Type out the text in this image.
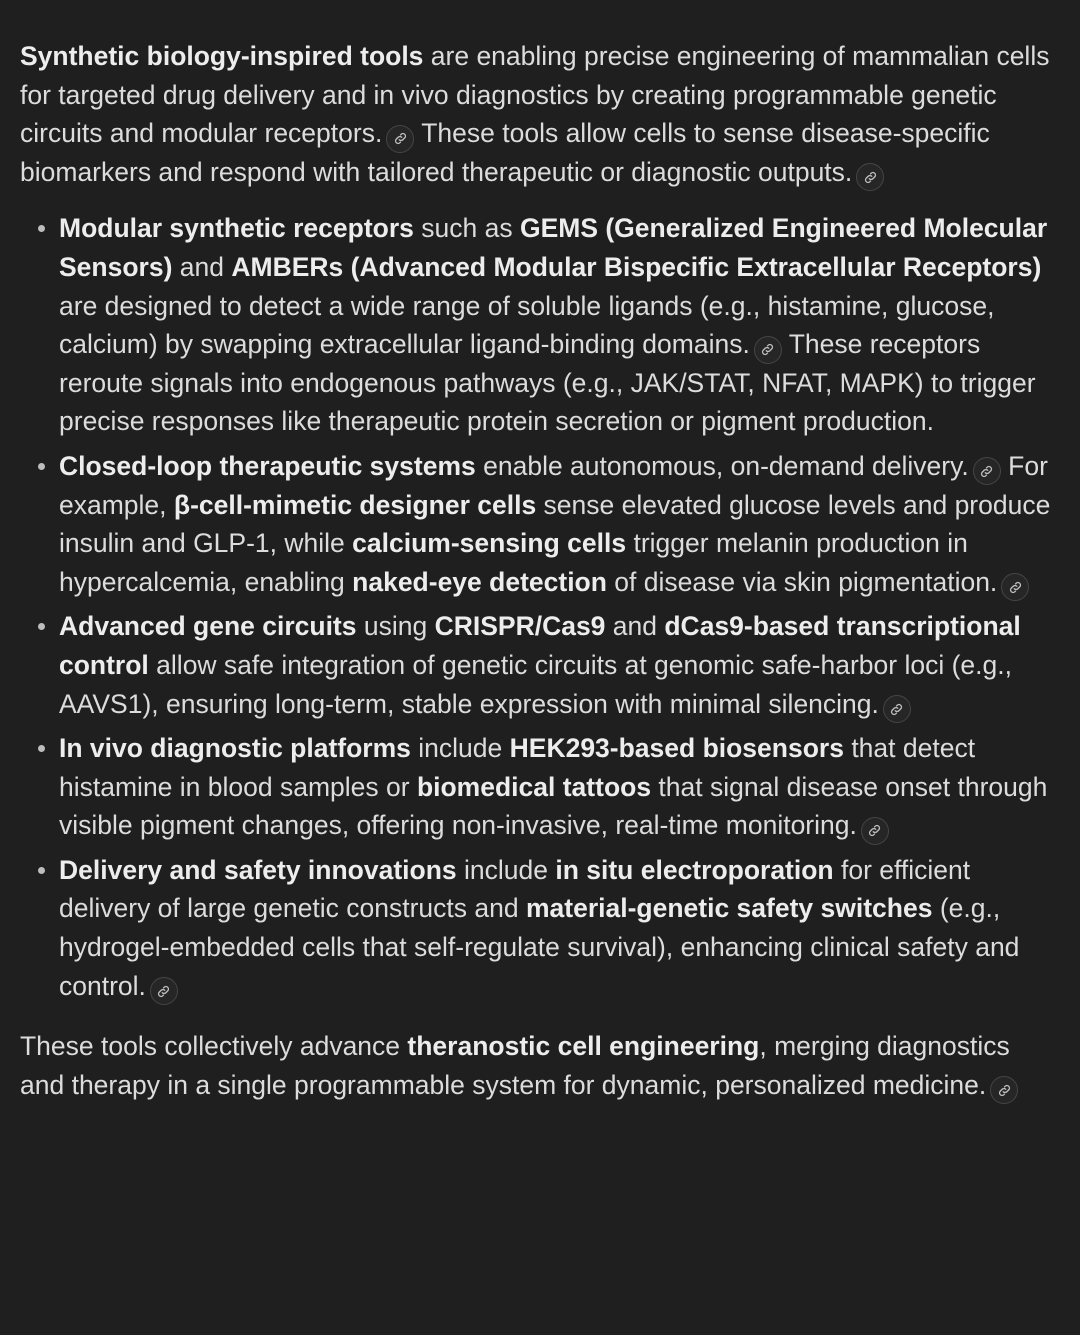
Synthetic biology-inspired tools are enabling precise engineering of mammalian cells for targeted drug delivery and in vivo diagnostics by creating programmable genetic circuits and modular receptors.
These tools allow cells to sense disease-specific biomarkers and respond with tailored therapeutic or diagnostic outputs.

Modular synthetic receptors such as GEMS (Generalized Engineered Molecular Sensors) and AMBERs (Advanced Modular Bispecific Extracellular Receptors) are designed to detect a wide range of soluble ligands (e.g., histamine, glucose, calcium) by swapping extracellular ligand-binding domains.
These receptors reroute signals into endogenous pathways (e.g., JAK/STAT, NFAT, MAPK) to trigger precise responses like therapeutic protein secretion or pigment production.
Closed-loop therapeutic systems enable autonomous, on-demand delivery.
For example, β-cell-mimetic designer cells sense elevated glucose levels and produce insulin and GLP-1, while calcium-sensing cells trigger melanin production in hypercalcemia, enabling naked-eye detection of disease via skin pigmentation.
Advanced gene circuits using CRISPR/Cas9 and dCas9-based transcriptional control allow safe integration of genetic circuits at genomic safe-harbor loci (e.g., AAVS1), ensuring long-term, stable expression with minimal silencing.
In vivo diagnostic platforms include HEK293-based biosensors that detect histamine in blood samples or biomedical tattoos that signal disease onset through visible pigment changes, offering non-invasive, real-time monitoring.
Delivery and safety innovations include in situ electroporation for efficient delivery of large genetic constructs and material-genetic safety switches (e.g., hydrogel-embedded cells that self-regulate survival), enhancing clinical safety and control.

These tools collectively advance theranostic cell engineering, merging diagnostics and therapy in a single programmable system for dynamic, personalized medicine.
